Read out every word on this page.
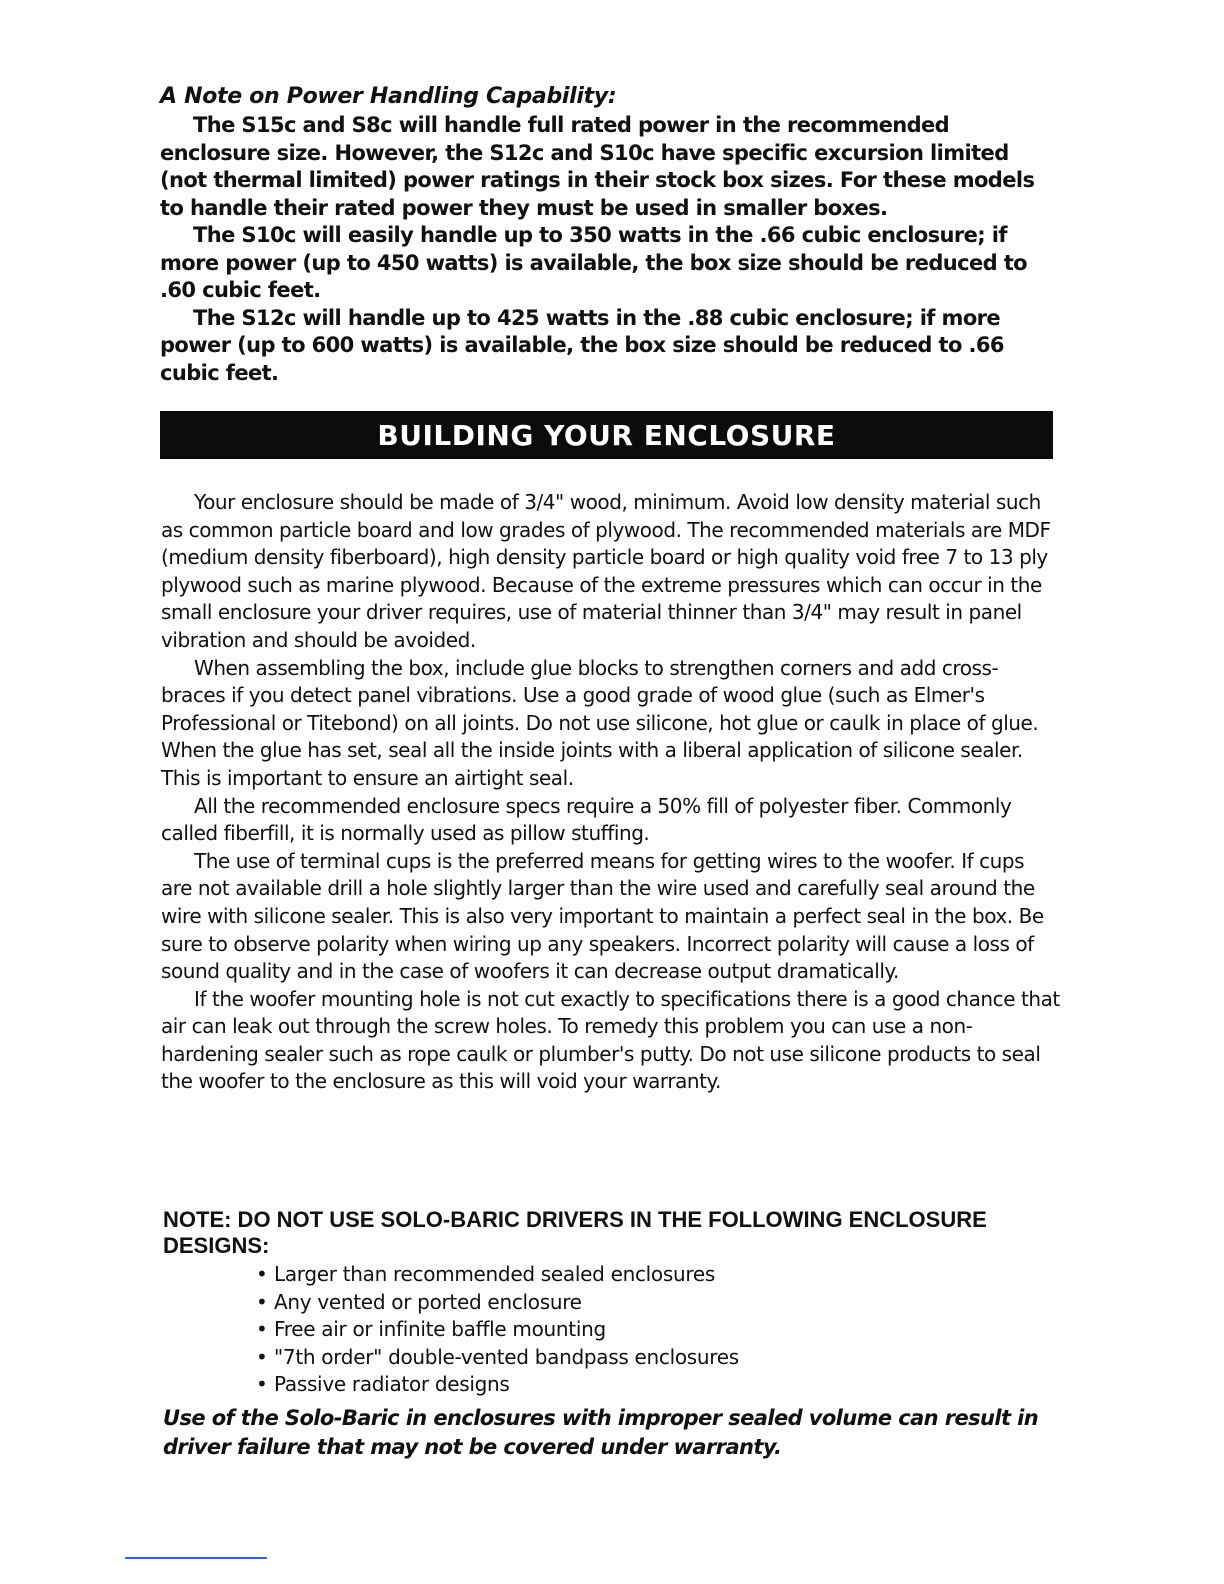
A Note on Power Handling Capability:

The S15c and S8c will handle full rated power in the recommended enclosure size. However, the S12c and S10c have specific excursion limited (not thermal limited) power ratings in their stock box sizes. For these models to handle their rated power they must be used in smaller boxes.

The S10c will easily handle up to 350 watts in the .66 cubic enclosure; if more power (up to 450 watts) is available, the box size should be reduced to .60 cubic feet.

The S12c will handle up to 425 watts in the .88 cubic enclosure; if more power (up to 600 watts) is available, the box size should be reduced to .66 cubic feet.

BUILDING YOUR ENCLOSURE

Your enclosure should be made of 3/4" wood, minimum. Avoid low density material such as common particle board and low grades of plywood. The recommended materials are MDF (medium density fiberboard), high density particle board or high quality void free 7 to 13 ply plywood such as marine plywood. Because of the extreme pressures which can occur in the small enclosure your driver requires, use of material thinner than 3/4" may result in panel vibration and should be avoided.

When assembling the box, include glue blocks to strengthen corners and add cross-braces if you detect panel vibrations. Use a good grade of wood glue (such as Elmer's Professional or Titebond) on all joints. Do not use silicone, hot glue or caulk in place of glue. When the glue has set, seal all the inside joints with a liberal application of silicone sealer. This is important to ensure an airtight seal.

All the recommended enclosure specs require a 50% fill of polyester fiber. Commonly called fiberfill, it is normally used as pillow stuffing.

The use of terminal cups is the preferred means for getting wires to the woofer. If cups are not available drill a hole slightly larger than the wire used and carefully seal around the wire with silicone sealer. This is also very important to maintain a perfect seal in the box. Be sure to observe polarity when wiring up any speakers. Incorrect polarity will cause a loss of sound quality and in the case of woofers it can decrease output dramatically.

If the woofer mounting hole is not cut exactly to specifications there is a good chance that air can leak out through the screw holes. To remedy this problem you can use a non-hardening sealer such as rope caulk or plumber's putty. Do not use silicone products to seal the woofer to the enclosure as this will void your warranty.

NOTE: DO NOT USE SOLO-BARIC DRIVERS IN THE FOLLOWING ENCLOSURE DESIGNS:
• Larger than recommended sealed enclosures
• Any vented or ported enclosure
• Free air or infinite baffle mounting
• "7th order" double-vented bandpass enclosures
• Passive radiator designs

Use of the Solo-Baric in enclosures with improper sealed volume can result in driver failure that may not be covered under warranty.
